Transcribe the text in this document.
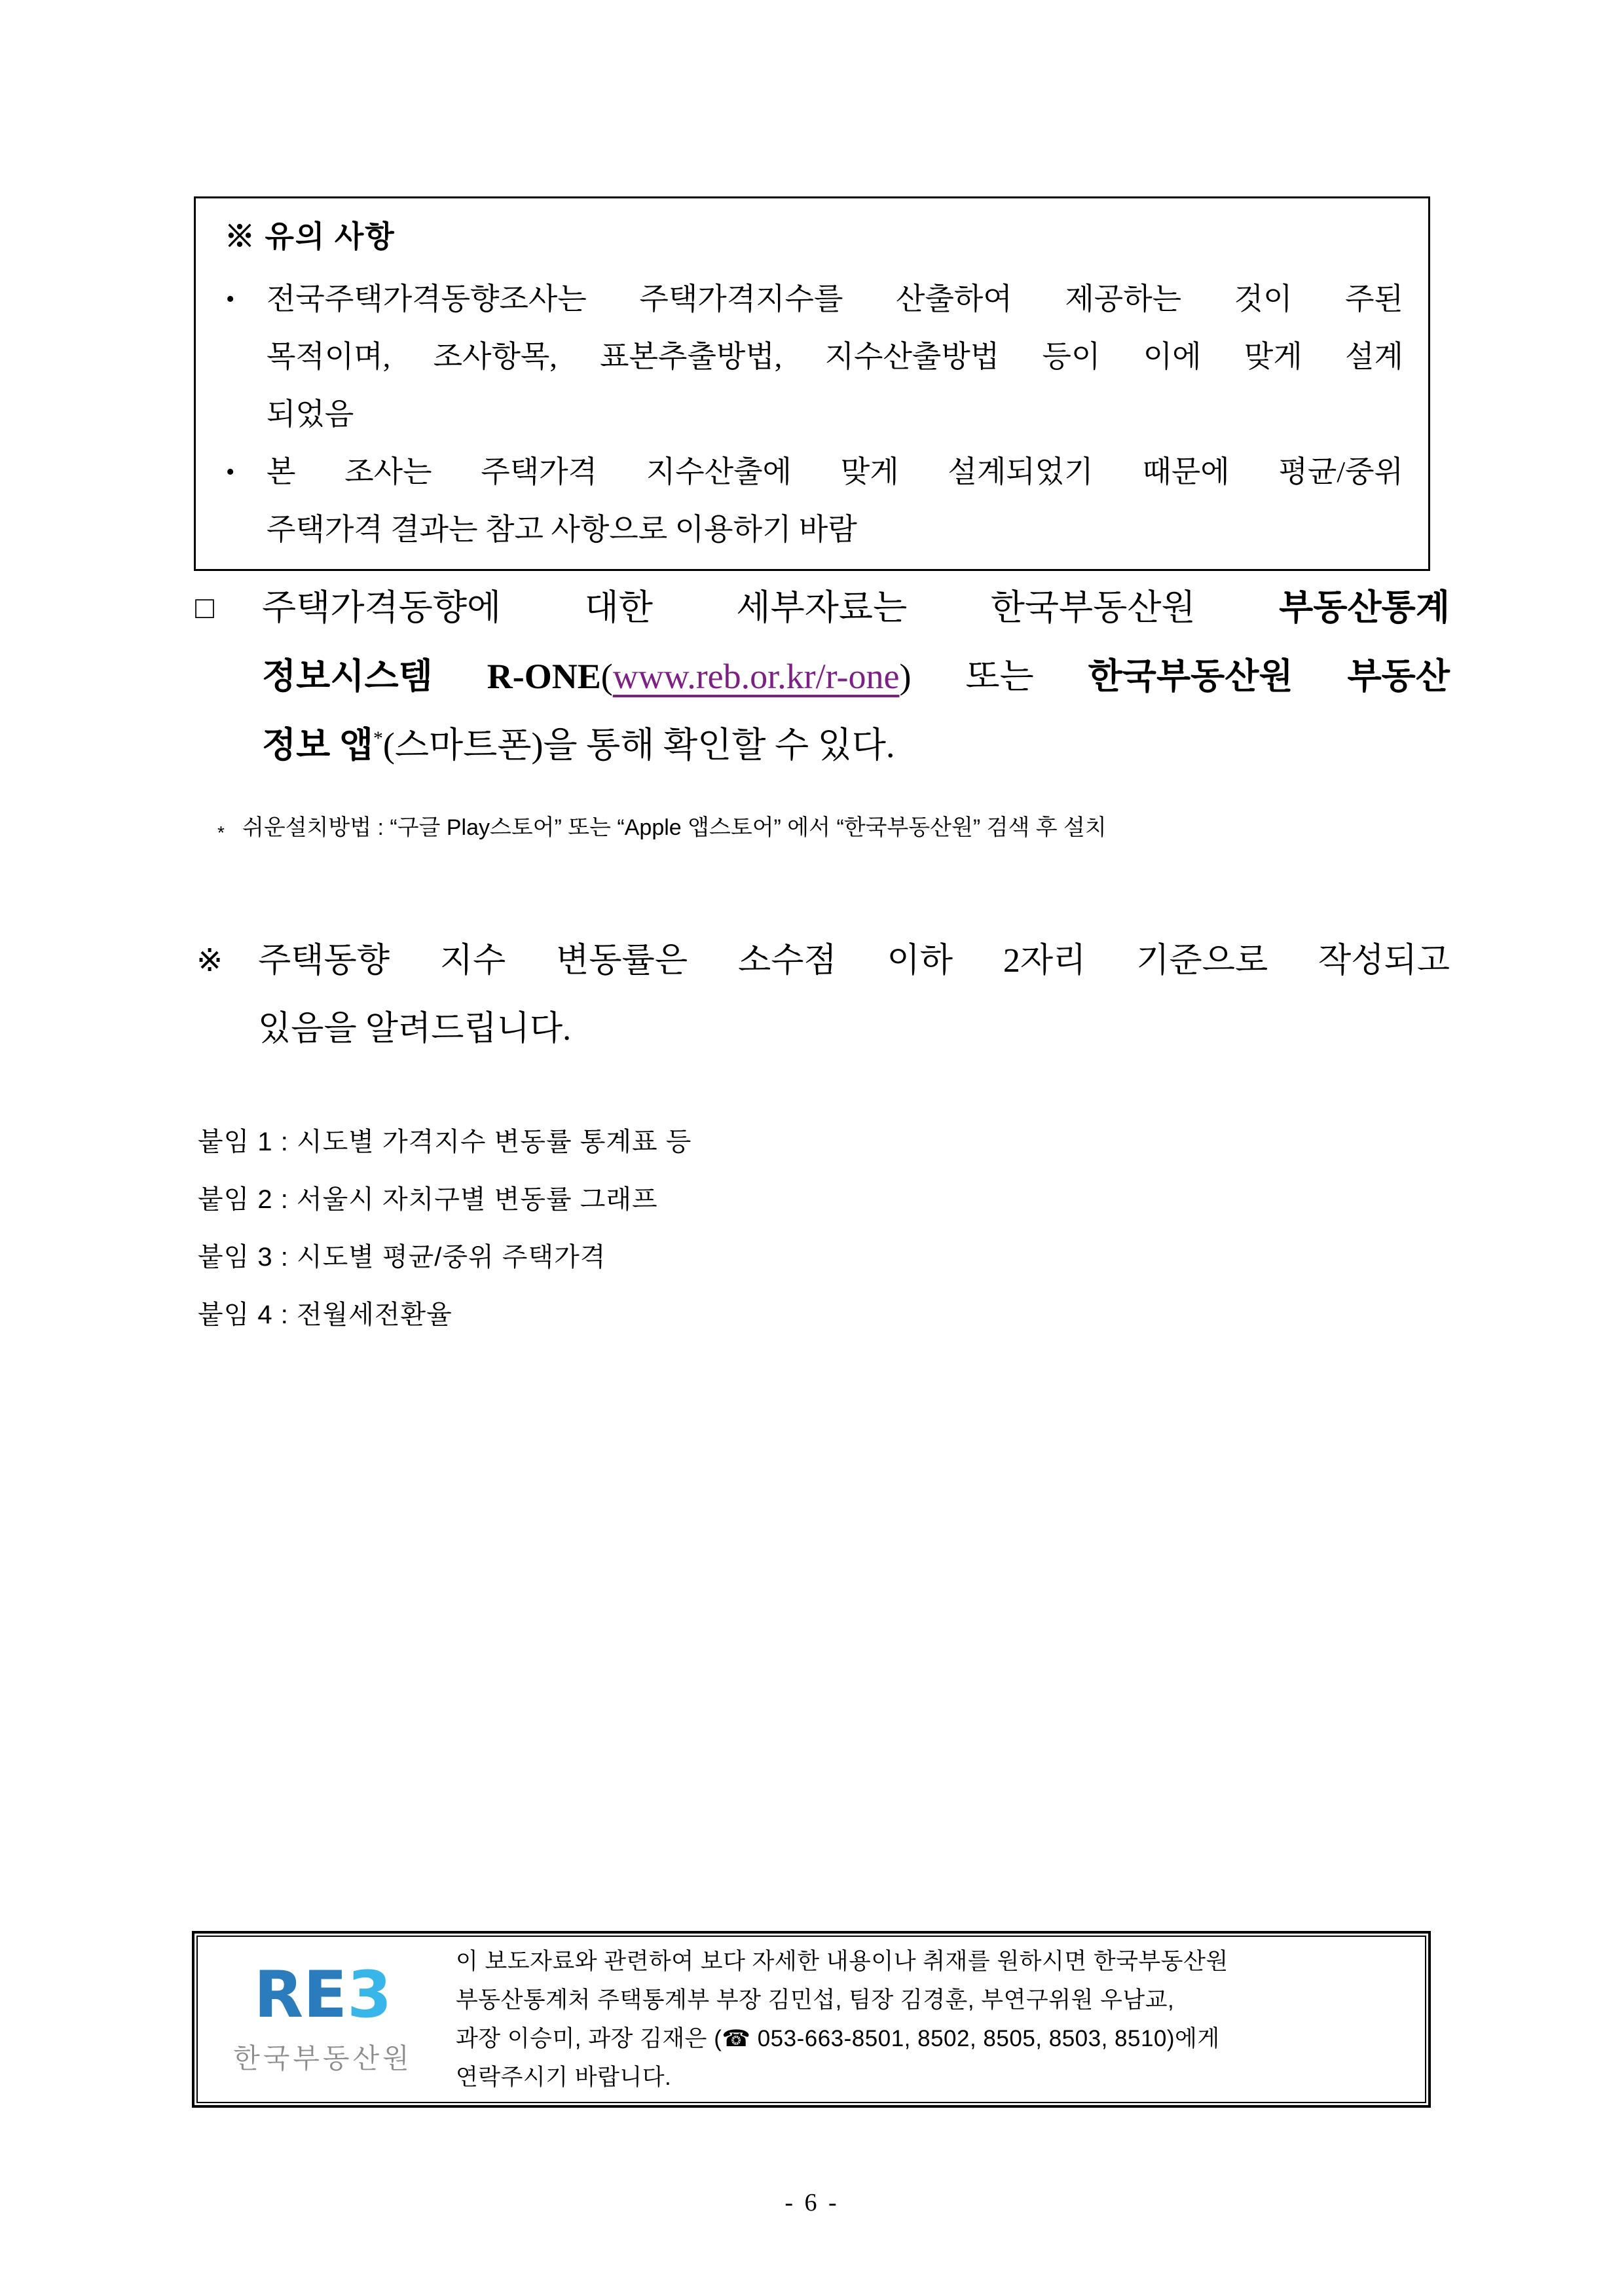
※ 유의 사항
•	전국주택가격동향조사는 주택가격지수를 산출하여 제공하는 것이 주된
목적이며, 조사항목, 표본추출방법, 지수산출방법 등이 이에 맞게 설계
되었음
•	본 조사는 주택가격 지수산출에 맞게 설계되었기 때문에 평균/중위
주택가격 결과는 참고 사항으로 이용하기 바람
□	주택가격동향에 대한 세부자료는 한국부동산원 부동산통계
정보시스템 R-ONE(www.reb.or.kr/r-one) 또는 한국부동산원 부동산
정보 앱*(스마트폰)을 통해 확인할 수 있다.
* 쉬운설치방법 : “구글 Play스토어” 또는 “Apple 앱스토어” 에서 “한국부동산원” 검색 후 설치
※	주택동향 지수 변동률은 소수점 이하 2자리 기준으로 작성되고
있음을 알려드립니다.
붙임 1 : 시도별 가격지수 변동률 통계표 등
붙임 2 : 서울시 자치구별 변동률 그래프
붙임 3 : 시도별 평균/중위 주택가격
붙임 4 : 전월세전환율
RE3
한국부동산원
이 보도자료와 관련하여 보다 자세한 내용이나 취재를 원하시면 한국부동산원
부동산통계처 주택통계부 부장 김민섭, 팀장 김경훈, 부연구위원 우남교,
과장 이승미, 과장 김재은 (☎ 053-663-8501, 8502, 8505, 8503, 8510)에게
연락주시기 바랍니다.
- 6 -
